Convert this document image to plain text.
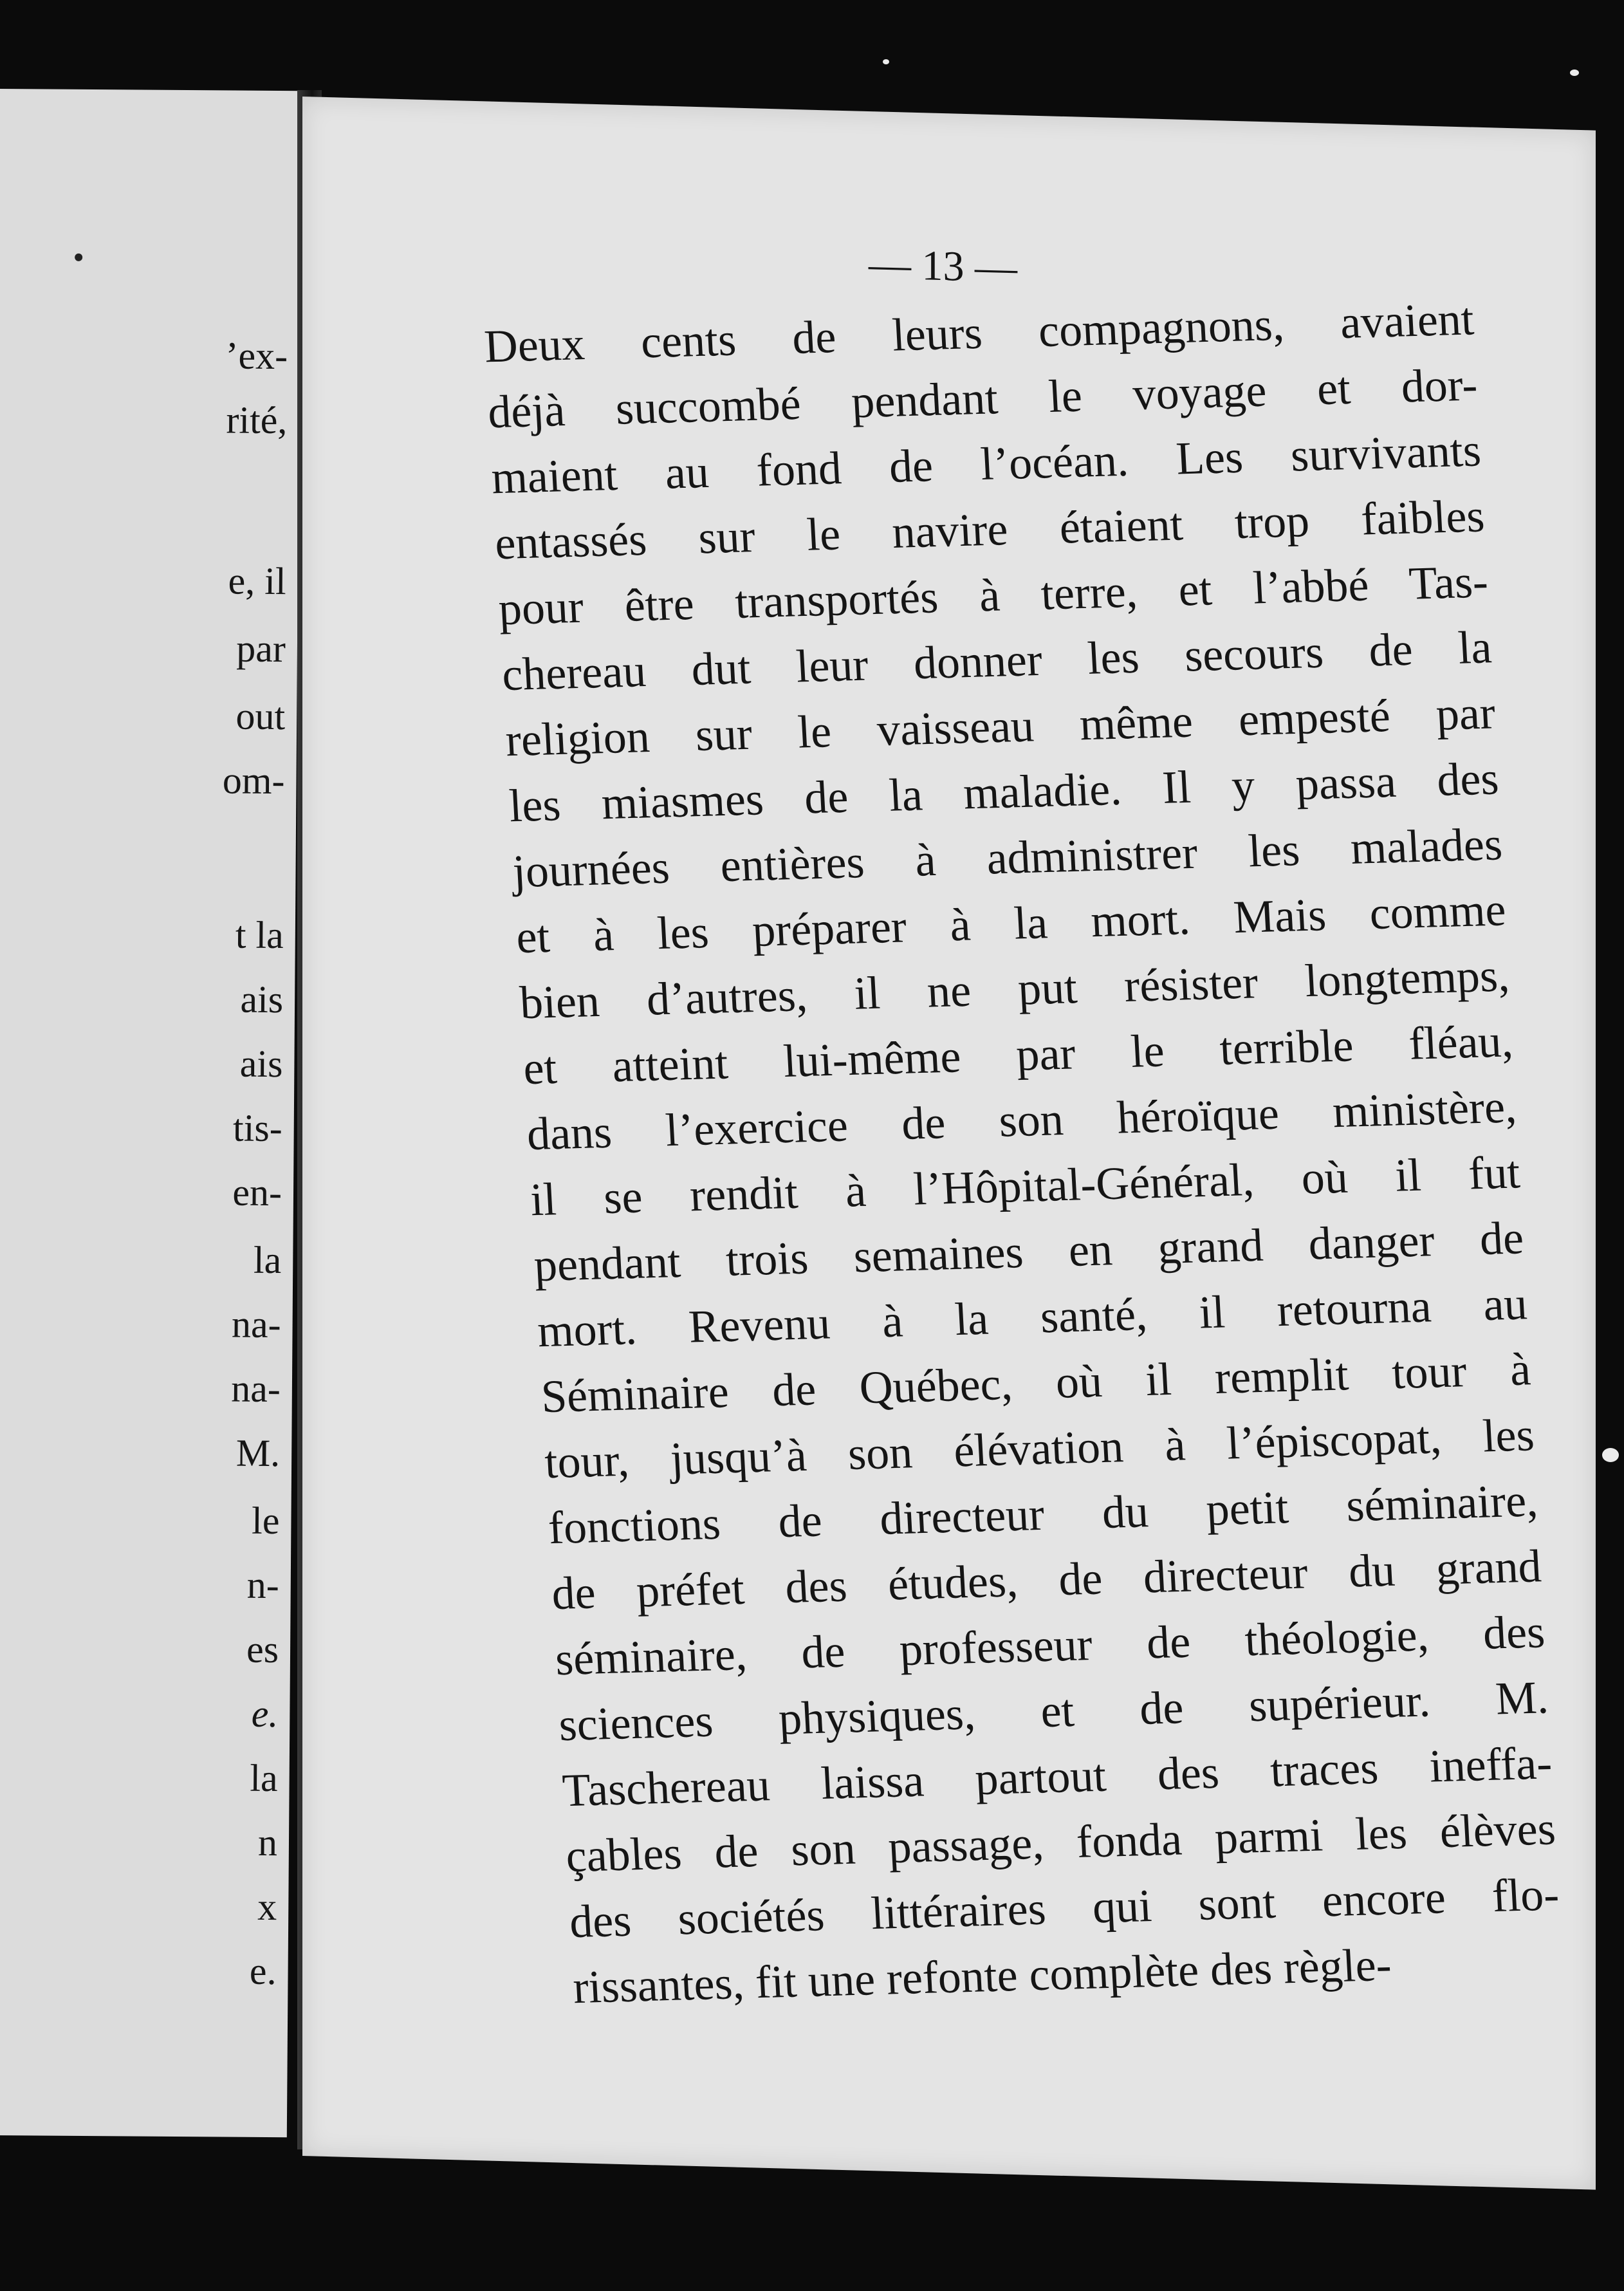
’ex-
rité,
e, il
par
out
om-
t la
ais
ais
tis-
en-
la
na-
na-
M.
le
n-
es
e.
la
n
x
e.
— 13 —
Deux cents de leurs compagnons, avaient
déjà succombé pendant le voyage et dor-
maient au fond de l’océan. Les survivants
entassés sur le navire étaient trop faibles
pour être transportés à terre, et l’abbé Tas-
chereau dut leur donner les secours de la
religion sur le vaisseau même empesté par
les miasmes de la maladie. Il y passa des
journées entières à administrer les malades
et à les préparer à la mort. Mais comme
bien d’autres, il ne put résister longtemps,
et atteint lui-même par le terrible fléau,
dans l’exercice de son héroïque ministère,
il se rendit à l’Hôpital-Général, où il fut
pendant trois semaines en grand danger de
mort. Revenu à la santé, il retourna au
Séminaire de Québec, où il remplit tour à
tour, jusqu’à son élévation à l’épiscopat, les
fonctions de directeur du petit séminaire,
de préfet des études, de directeur du grand
séminaire, de professeur de théologie, des
sciences physiques, et de supérieur. M.
Taschereau laissa partout des traces ineffa-
çables de son passage, fonda parmi les élèves
des sociétés littéraires qui sont encore flo-
rissantes, fit une refonte complète des règle-
